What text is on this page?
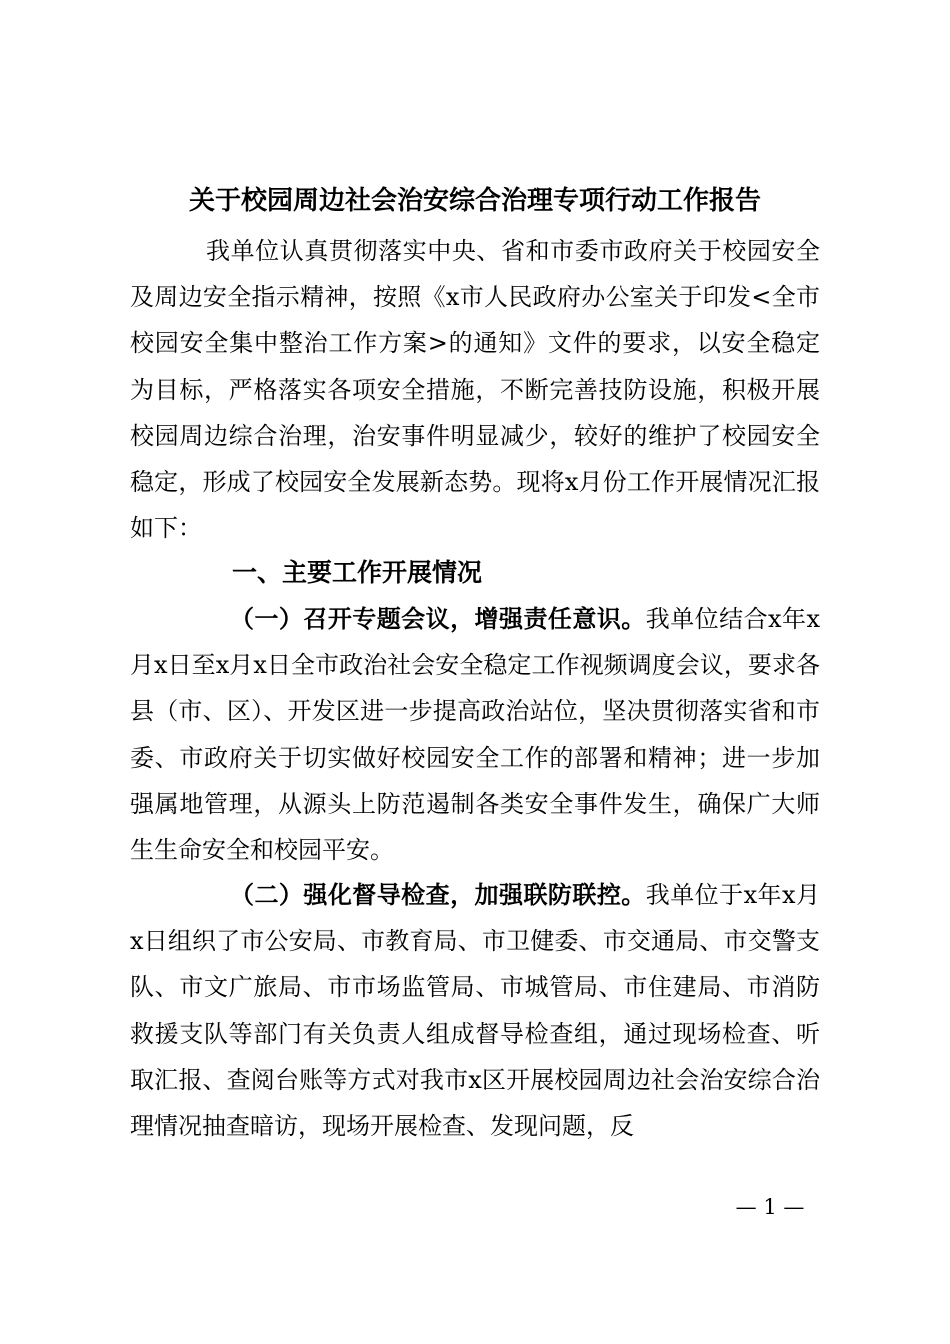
关于校园周边社会治安综合治理专项行动工作报告

我单位认真贯彻落实中央、省和市委市政府关于校园安全及周边安全指示精神，按照《x市人民政府办公室关于印发<全市校园安全集中整治工作方案>的通知》文件的要求，以安全稳定为目标，严格落实各项安全措施，不断完善技防设施，积极开展校园周边综合治理，治安事件明显减少，较好的维护了校园安全稳定，形成了校园安全发展新态势。现将x月份工作开展情况汇报如下：

一、主要工作开展情况

（一）召开专题会议，增强责任意识。我单位结合x年x月x日至x月x日全市政治社会安全稳定工作视频调度会议，要求各县（市、区）、开发区进一步提高政治站位，坚决贯彻落实省和市委、市政府关于切实做好校园安全工作的部署和精神；进一步加强属地管理，从源头上防范遏制各类安全事件发生，确保广大师生生命安全和校园平安。

（二）强化督导检查，加强联防联控。我单位于x年x月x日组织了市公安局、市教育局、市卫健委、市交通局、市交警支队、市文广旅局、市市场监管局、市城管局、市住建局、市消防救援支队等部门有关负责人组成督导检查组，通过现场检查、听取汇报、查阅台账等方式对我市x区开展校园周边社会治安综合治理情况抽查暗访，现场开展检查、发现问题，反

— 1 —
